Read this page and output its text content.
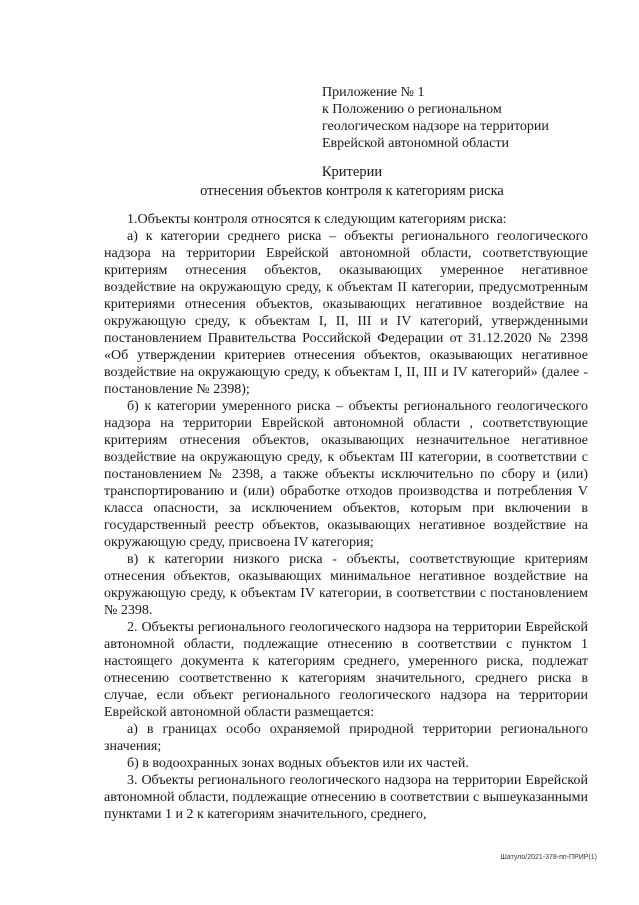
Приложение № 1
к Положению о региональном
геологическом надзоре на территории
Еврейской автономной области
Критерии
отнесения объектов контроля к категориям риска

1.Объекты контроля относятся к следующим категориям риска:

а) к категории среднего риска – объекты регионального геологического надзора на территории Еврейской автономной области, соответствующие критериям отнесения объектов, оказывающих умеренное негативное воздействие на окружающую среду, к объектам II категории, предусмотренным критериями отнесения объектов, оказывающих негативное воздействие на окружающую среду, к объектам I, II, III и IV категорий, утвержденными постановлением Правительства Российской Федерации от 31.12.2020 № 2398 «Об утверждении критериев отнесения объектов, оказывающих негативное воздействие на окружающую среду, к объектам I, II, III и IV категорий» (далее - постановление № 2398);

б) к категории умеренного риска – объекты регионального геологического надзора на территории Еврейской автономной области , соответствующие критериям отнесения объектов, оказывающих незначительное негативное воздействие на окружающую среду, к объектам III категории, в соответствии с постановлением № 2398, а также объекты исключительно по сбору и (или) транспортированию и (или) обработке отходов производства и потребления V класса опасности, за исключением объектов, которым при включении в государственный реестр объектов, оказывающих негативное воздействие на окружающую среду, присвоена IV категория;

в) к категории низкого риска - объекты, соответствующие критериям отнесения объектов, оказывающих минимальное негативное воздействие на окружающую среду, к объектам IV категории, в соответствии с постановлением № 2398.

2. Объекты регионального геологического надзора на территории Еврейской автономной области, подлежащие отнесению в соответствии с пунктом 1 настоящего документа к категориям среднего, умеренного риска, подлежат отнесению соответственно к категориям значительного, среднего риска в случае, если объект регионального геологического надзора на территории Еврейской автономной области размещается:

а) в границах особо охраняемой природной территории регионального значения;

б) в водоохранных зонах водных объектов или их частей.

3. Объекты регионального геологического надзора на территории Еврейской автономной области, подлежащие отнесению в соответствии с вышеуказанными пунктами 1 и 2 к категориям значительного, среднего,

Шатуло/2021-378-пп-ПРИР(1)
